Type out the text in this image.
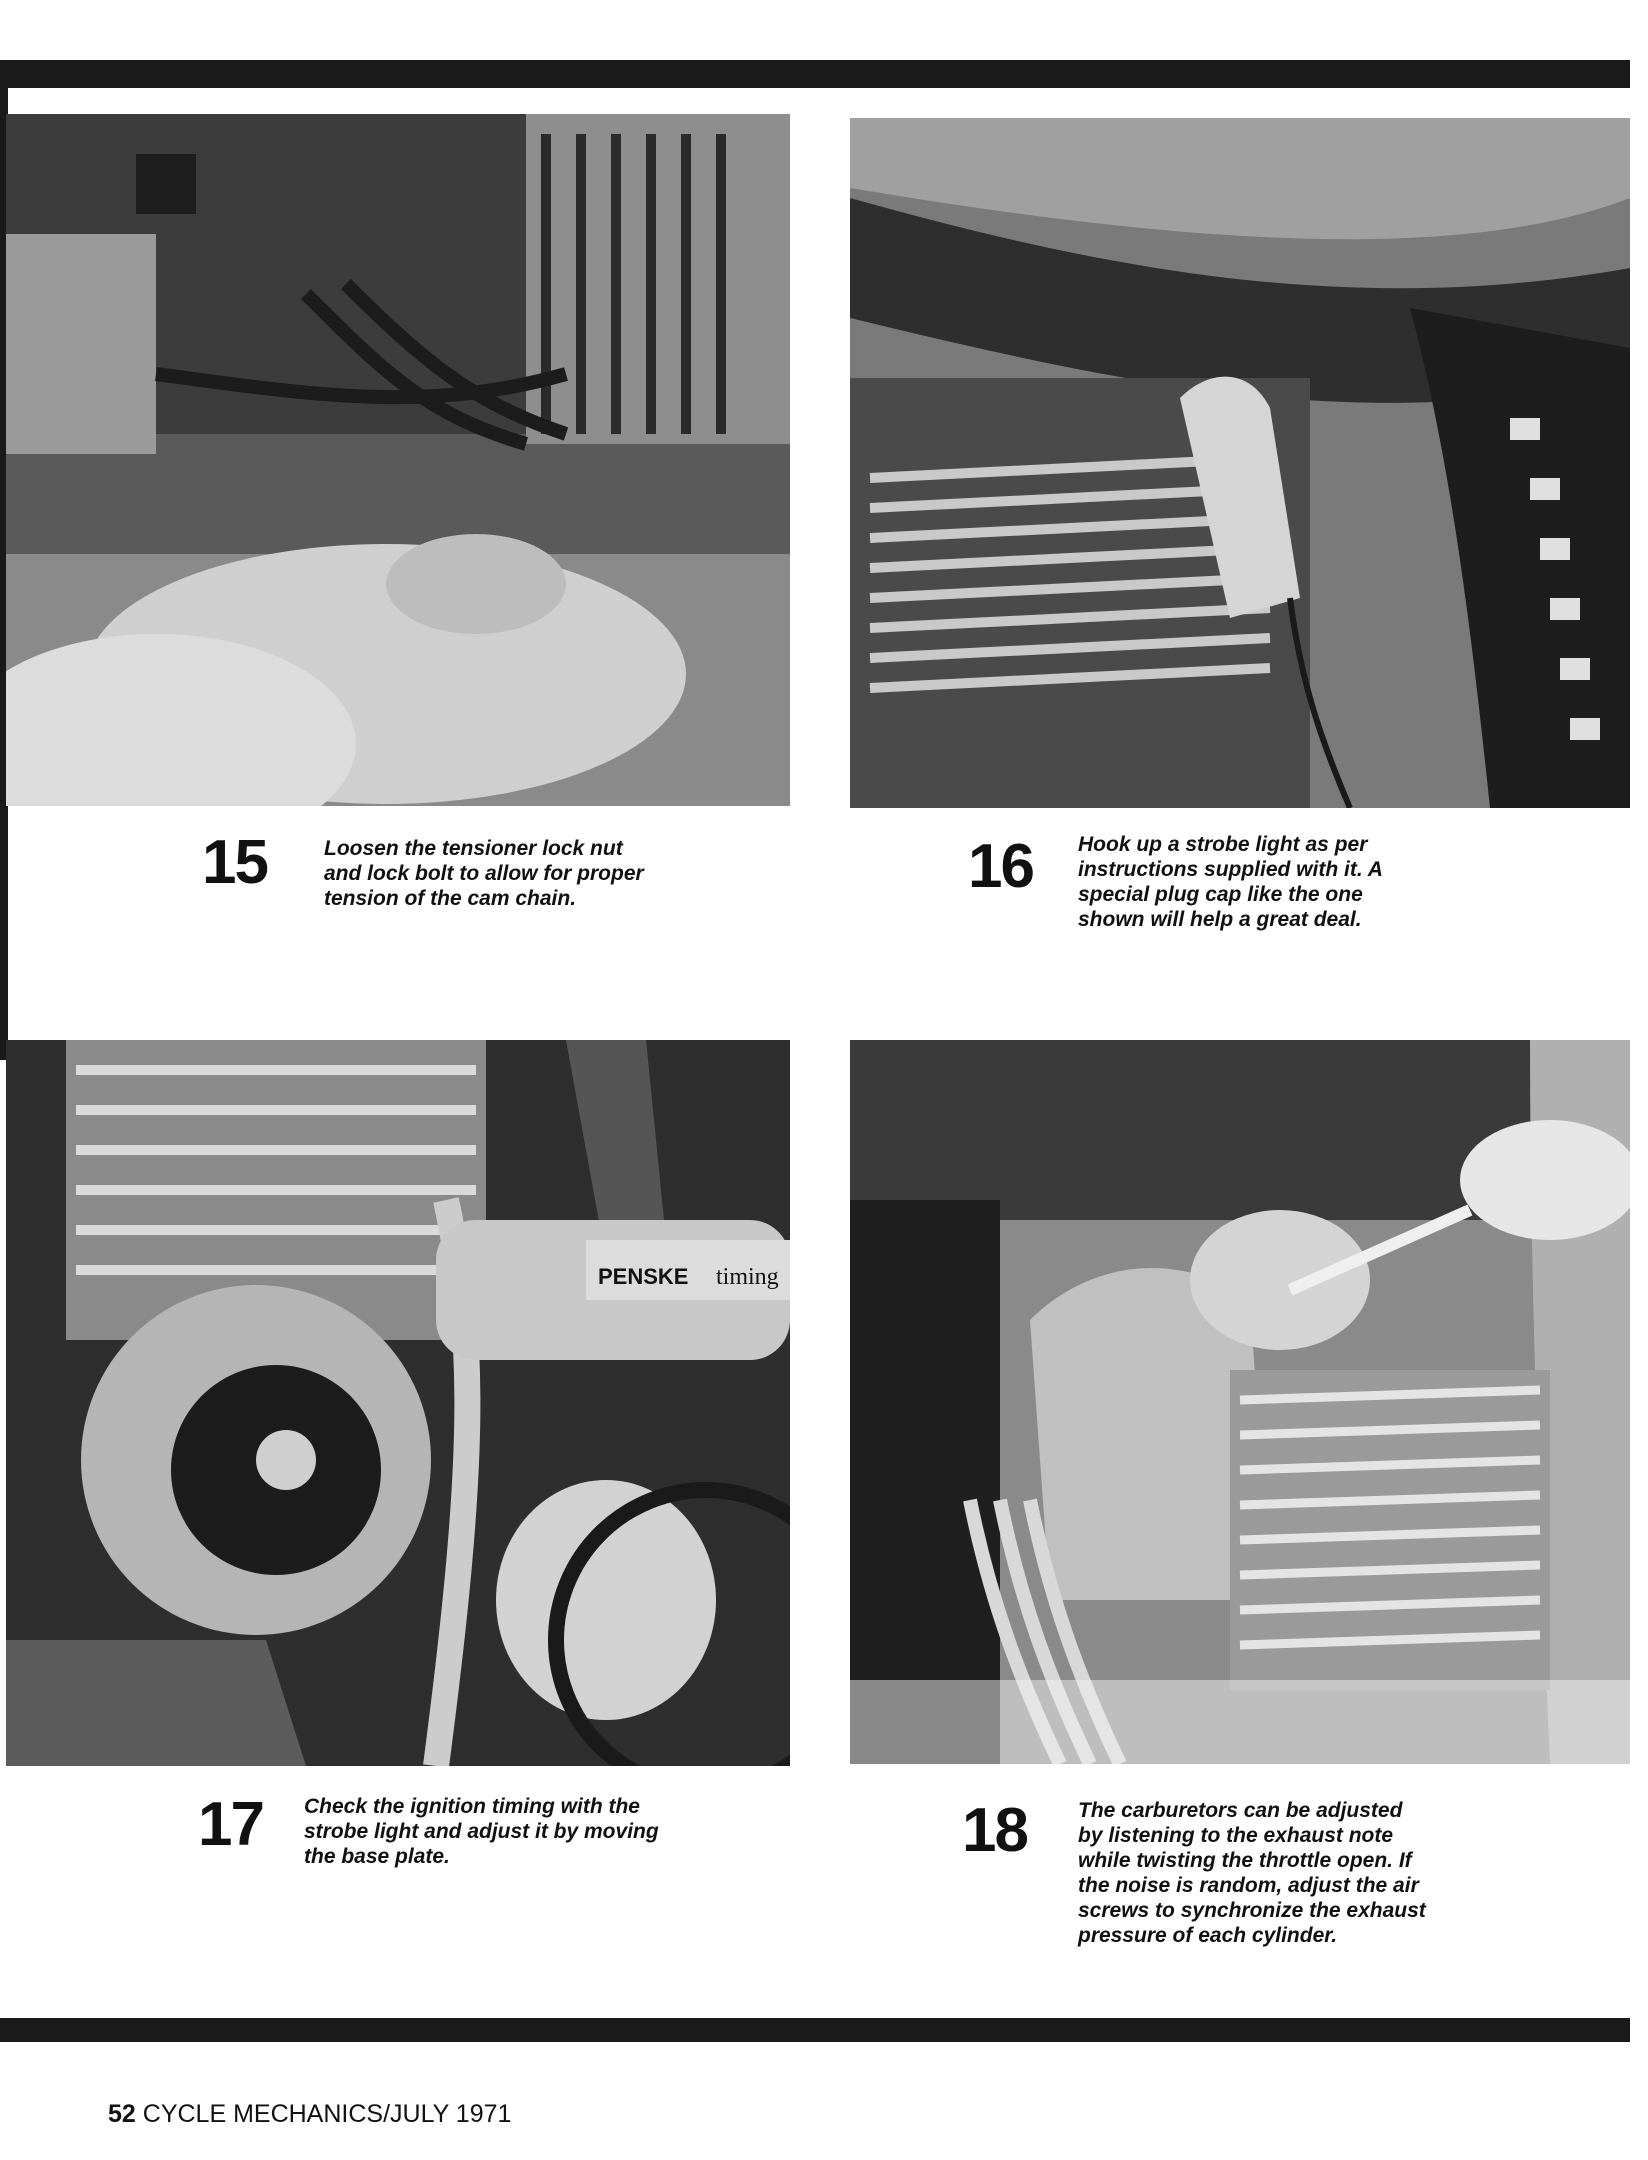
PENSKE timing
15	16
17	18

Loosen the tensioner lock nut
and lock bolt to allow for proper
tension of the cam chain.

Hook up a strobe light as per
instructions supplied with it. A
special plug cap like the one
shown will help a great deal.

Check the ignition timing with the
strobe light and adjust it by moving
the base plate.

The carburetors can be adjusted
by listening to the exhaust note
while twisting the throttle open. If
the noise is random, adjust the air
screws to synchronize the exhaust
pressure of each cylinder.

52 CYCLE MECHANICS/JULY 1971
